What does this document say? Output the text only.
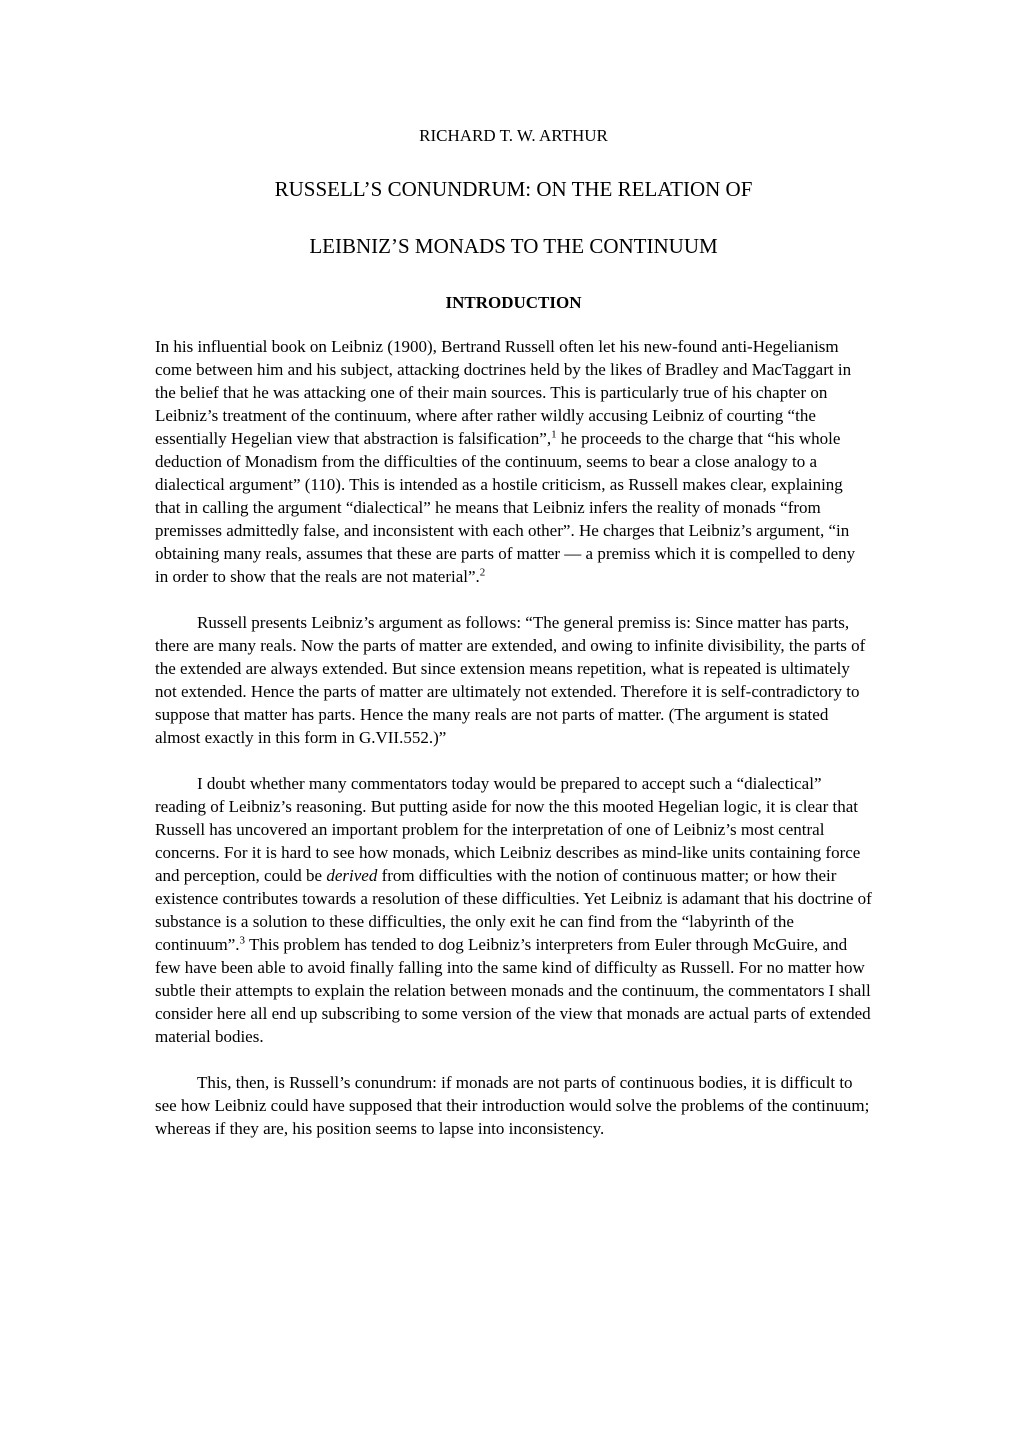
RICHARD T. W. ARTHUR
RUSSELL’S CONUNDRUM: ON THE RELATION OF
LEIBNIZ’S MONADS TO THE CONTINUUM
INTRODUCTION

In his influential book on Leibniz (1900), Bertrand Russell often let his new-found anti-Hegelianism come between him and his subject, attacking doctrines held by the likes of Bradley and MacTaggart in the belief that he was attacking one of their main sources. This is particularly true of his chapter on Leibniz’s treatment of the continuum, where after rather wildly accusing Leibniz of courting “the essentially Hegelian view that abstraction is falsification”,$^1$ he proceeds to the charge that “his whole deduction of Monadism from the difficulties of the continuum, seems to bear a close analogy to a dialectical argument” (110). This is intended as a hostile criticism, as Russell makes clear, explaining that in calling the argument “dialectical” he means that Leibniz infers the reality of monads “from premisses admittedly false, and inconsistent with each other”. He charges that Leibniz’s argument, “in obtaining many reals, assumes that these are parts of matter — a premiss which it is compelled to deny in order to show that the reals are not material”.$^2$

Russell presents Leibniz’s argument as follows: “The general premiss is: Since matter has parts, there are many reals. Now the parts of matter are extended, and owing to infinite divisibility, the parts of the extended are always extended. But since extension means repetition, what is repeated is ultimately not extended. Hence the parts of matter are ultimately not extended. Therefore it is self-contradictory to suppose that matter has parts. Hence the many reals are not parts of matter. (The argument is stated almost exactly in this form in G.VII.552.)”

I doubt whether many commentators today would be prepared to accept such a “dialectical” reading of Leibniz’s reasoning. But putting aside for now the this mooted Hegelian logic, it is clear that Russell has uncovered an important problem for the interpretation of one of Leibniz’s most central concerns. For it is hard to see how monads, which Leibniz describes as mind-like units containing force and perception, could be derived from difficulties with the notion of continuous matter; or how their existence contributes towards a resolution of these difficulties. Yet Leibniz is adamant that his doctrine of substance is a solution to these difficulties, the only exit he can find from the “labyrinth of the continuum”.$^3$ This problem has tended to dog Leibniz’s interpreters from Euler through McGuire, and few have been able to avoid finally falling into the same kind of difficulty as Russell. For no matter how subtle their attempts to explain the relation between monads and the continuum, the commentators I shall consider here all end up subscribing to some version of the view that monads are actual parts of extended material bodies.

This, then, is Russell’s conundrum: if monads are not parts of continuous bodies, it is difficult to see how Leibniz could have supposed that their introduction would solve the problems of the continuum; whereas if they are, his position seems to lapse into inconsistency.
